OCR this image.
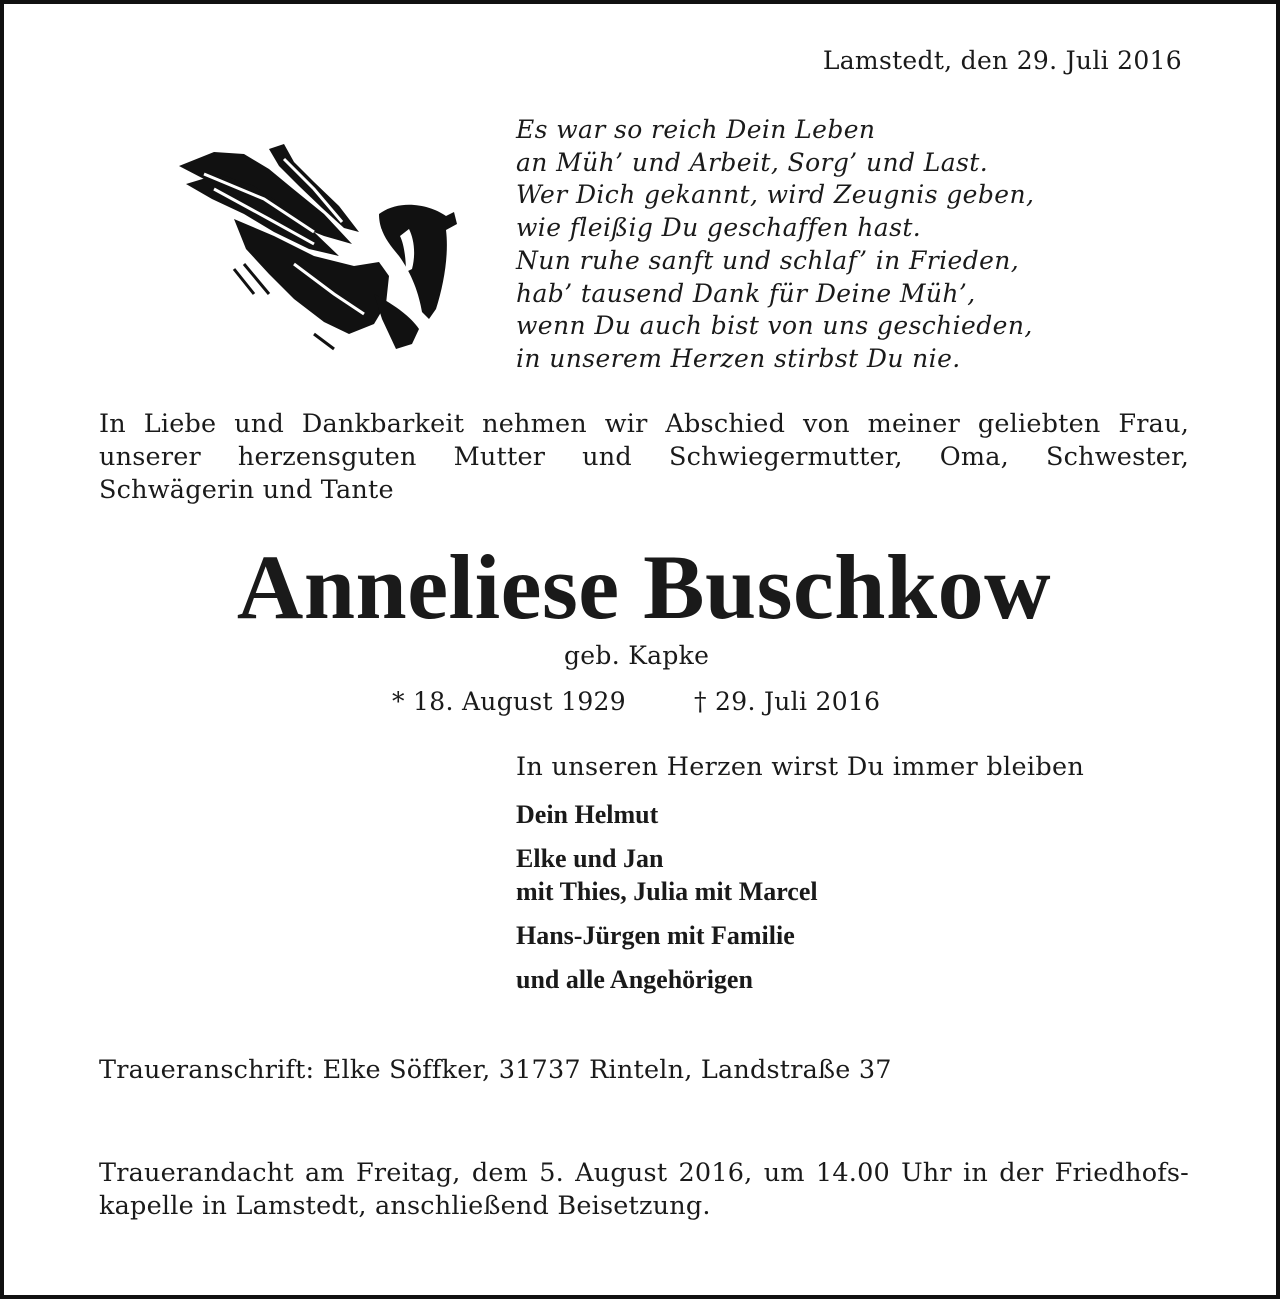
Lamstedt, den 29. Juli 2016
Es war so reich Dein Leben
an Müh’ und Arbeit, Sorg’ und Last.
Wer Dich gekannt, wird Zeugnis geben,
wie fleißig Du geschaffen hast.
Nun ruhe sanft und schlaf’ in Frieden,
hab’ tausend Dank für Deine Müh’,
wenn Du auch bist von uns geschieden,
in unserem Herzen stirbst Du nie.
In Liebe und Dankbarkeit nehmen wir Abschied von meiner geliebten Frau,
unserer herzensguten Mutter und Schwiegermutter, Oma, Schwester,
Schwägerin und Tante
Anneliese Buschkow
geb. Kapke
* 18. August 1929	† 29. Juli 2016
In unseren Herzen wirst Du immer bleiben
Dein Helmut
Elke und Jan
mit Thies, Julia mit Marcel
Hans-Jürgen mit Familie
und alle Angehörigen
Traueranschrift: Elke Söffker, 31737 Rinteln, Landstraße 37
Trauerandacht am Freitag, dem 5. August 2016, um 14.00 Uhr in der Friedhofs-
kapelle in Lamstedt, anschließend Beisetzung.
